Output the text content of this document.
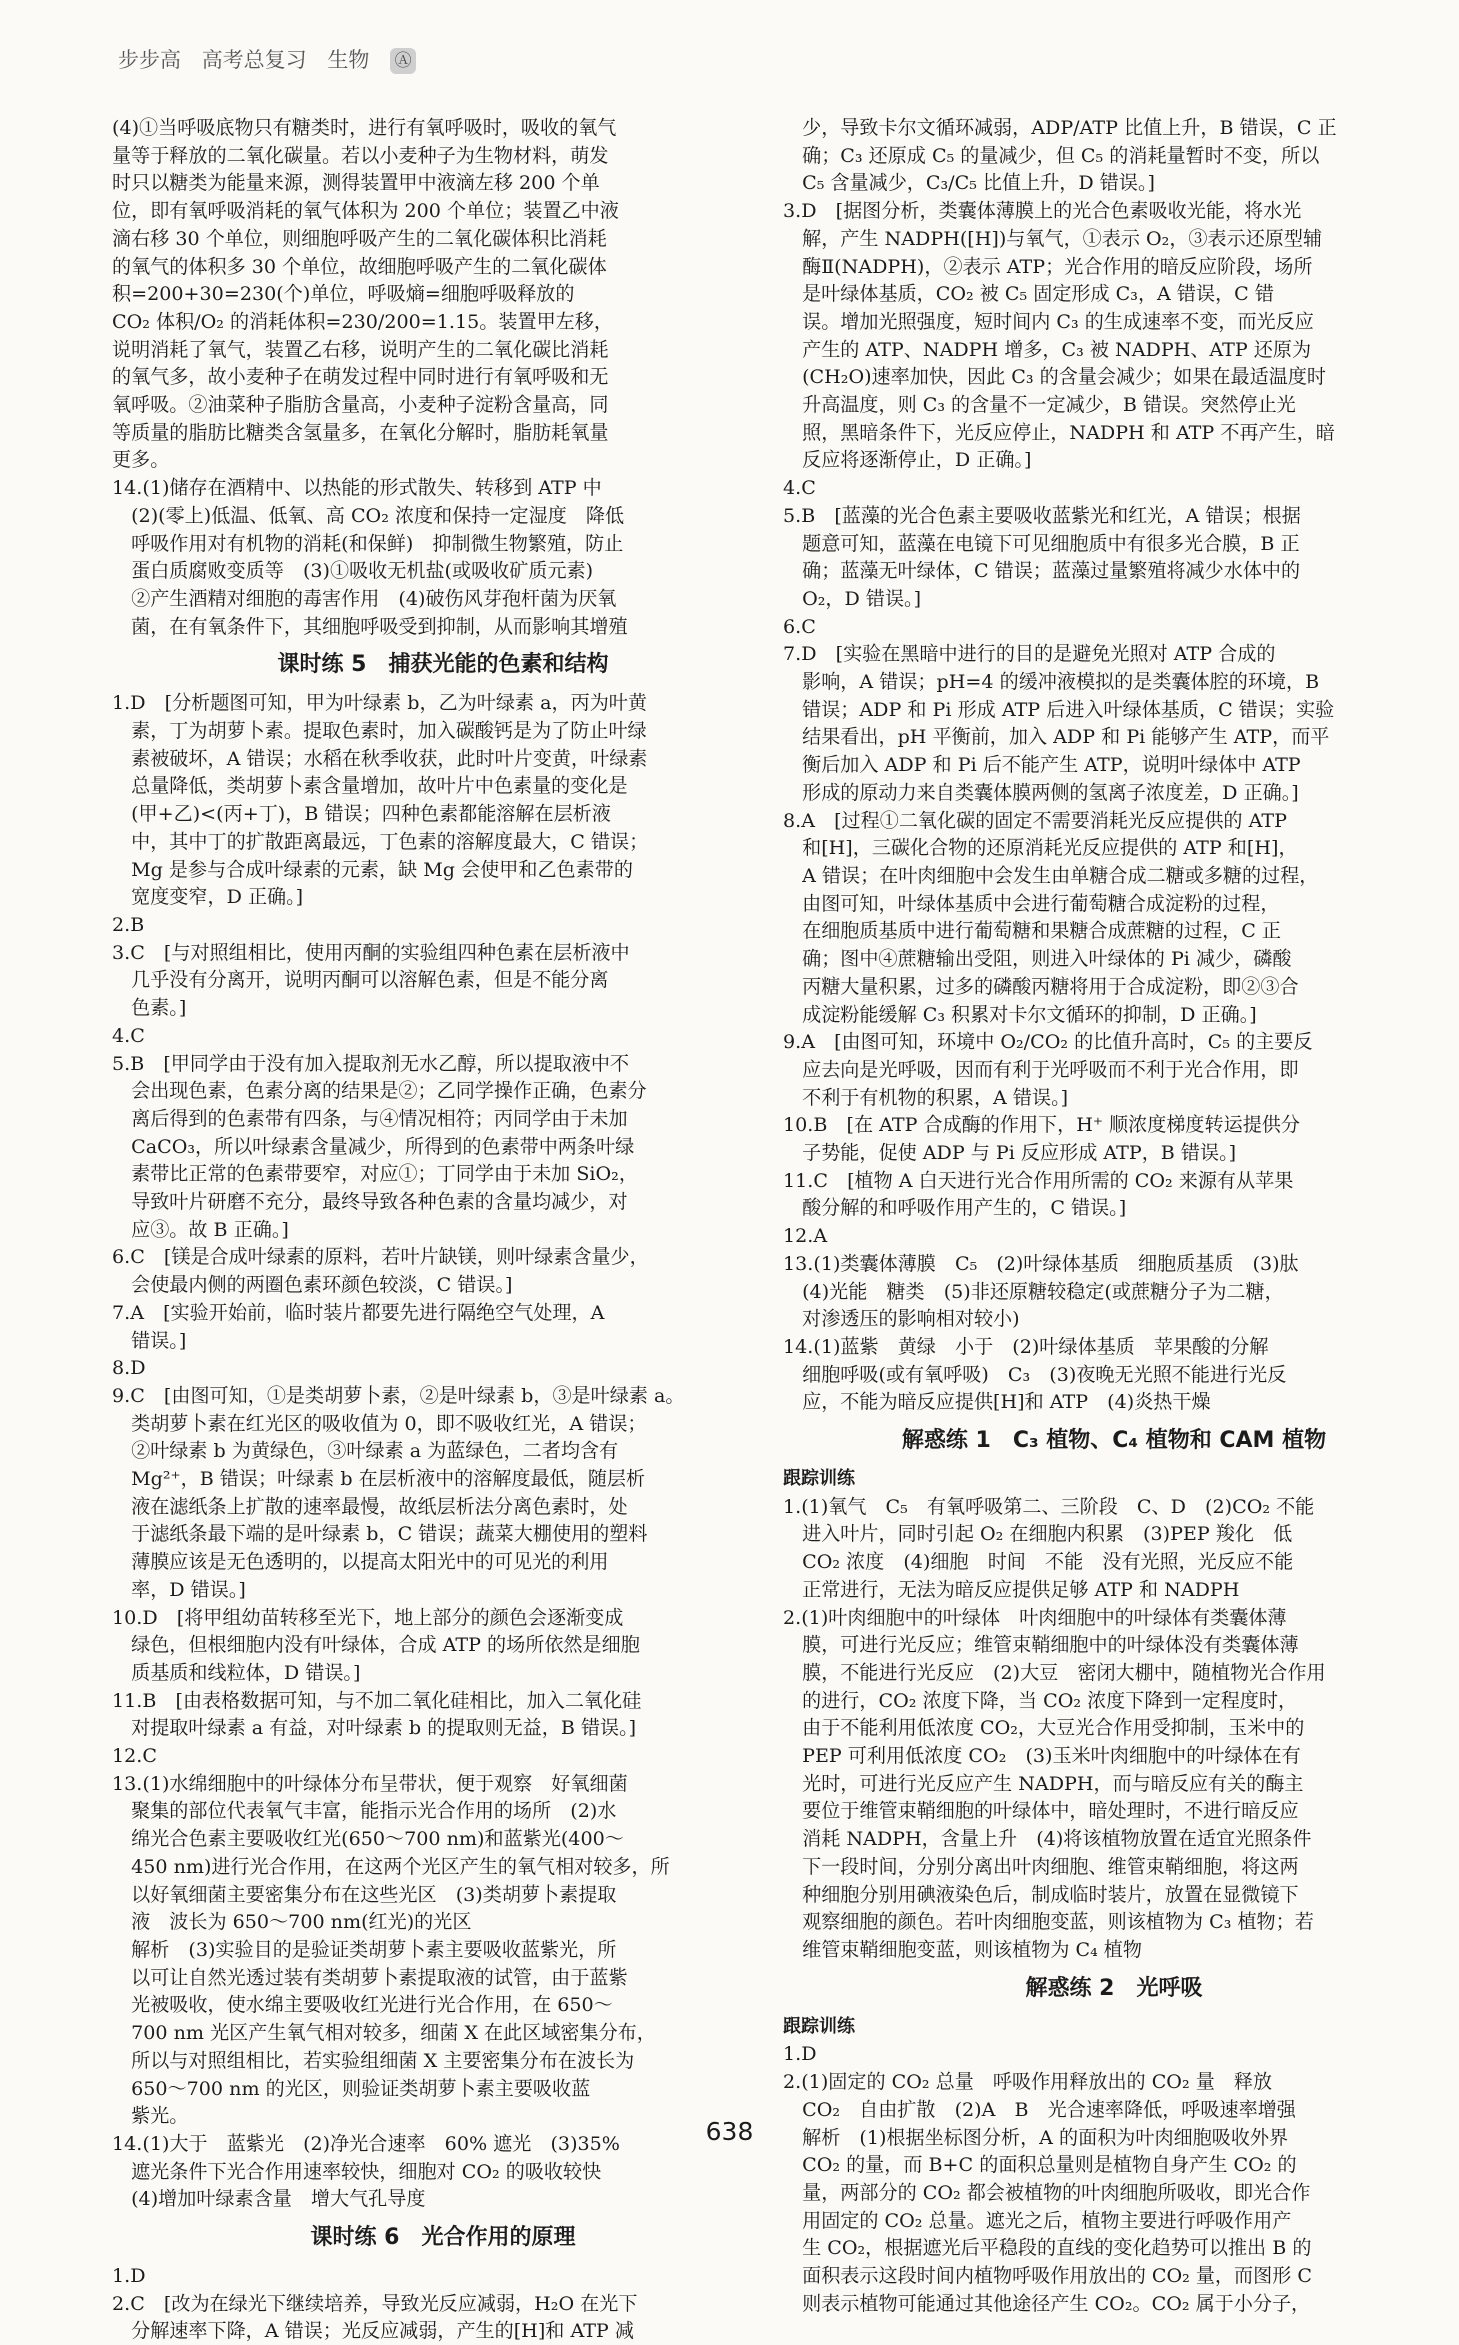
步步高 高考总复习 生物 Ⓐ

(4)①当呼吸底物只有糖类时，进行有氧呼吸时，吸收的氧气

量等于释放的二氧化碳量。若以小麦种子为生物材料，萌发

时只以糖类为能量来源，测得装置甲中液滴左移 200 个单

位，即有氧呼吸消耗的氧气体积为 200 个单位；装置乙中液

滴右移 30 个单位，则细胞呼吸产生的二氧化碳体积比消耗

的氧气的体积多 30 个单位，故细胞呼吸产生的二氧化碳体

积=200+30=230(个)单位，呼吸熵=细胞呼吸释放的

CO₂ 体积/O₂ 的消耗体积=230/200=1.15。装置甲左移，

说明消耗了氧气，装置乙右移，说明产生的二氧化碳比消耗

的氧气多，故小麦种子在萌发过程中同时进行有氧呼吸和无

氧呼吸。②油菜种子脂肪含量高，小麦种子淀粉含量高，同

等质量的脂肪比糖类含氢量多，在氧化分解时，脂肪耗氧量

更多。

14.(1)储存在酒精中、以热能的形式散失、转移到 ATP 中

　(2)(零上)低温、低氧、高 CO₂ 浓度和保持一定湿度　降低

　呼吸作用对有机物的消耗(和保鲜)　抑制微生物繁殖，防止

　蛋白质腐败变质等　(3)①吸收无机盐(或吸收矿质元素)

　②产生酒精对细胞的毒害作用　(4)破伤风芽孢杆菌为厌氧

　菌，在有氧条件下，其细胞呼吸受到抑制，从而影响其增殖

课时练 5　捕获光能的色素和结构

1.D　[分析题图可知，甲为叶绿素 b，乙为叶绿素 a，丙为叶黄

　素，丁为胡萝卜素。提取色素时，加入碳酸钙是为了防止叶绿

　素被破坏，A 错误；水稻在秋季收获，此时叶片变黄，叶绿素

　总量降低，类胡萝卜素含量增加，故叶片中色素量的变化是

　(甲+乙)<(丙+丁)，B 错误；四种色素都能溶解在层析液

　中，其中丁的扩散距离最远，丁色素的溶解度最大，C 错误；

　Mg 是参与合成叶绿素的元素，缺 Mg 会使甲和乙色素带的

　宽度变窄，D 正确。]

2.B

3.C　[与对照组相比，使用丙酮的实验组四种色素在层析液中

　几乎没有分离开，说明丙酮可以溶解色素，但是不能分离

　色素。]

4.C

5.B　[甲同学由于没有加入提取剂无水乙醇，所以提取液中不

　会出现色素，色素分离的结果是②；乙同学操作正确，色素分

　离后得到的色素带有四条，与④情况相符；丙同学由于未加

　CaCO₃，所以叶绿素含量减少，所得到的色素带中两条叶绿

　素带比正常的色素带要窄，对应①；丁同学由于未加 SiO₂，

　导致叶片研磨不充分，最终导致各种色素的含量均减少，对

　应③。故 B 正确。]

6.C　[镁是合成叶绿素的原料，若叶片缺镁，则叶绿素含量少，

　会使最内侧的两圈色素环颜色较淡，C 错误。]

7.A　[实验开始前，临时装片都要先进行隔绝空气处理，A

　错误。]

8.D

9.C　[由图可知，①是类胡萝卜素，②是叶绿素 b，③是叶绿素 a。

　类胡萝卜素在红光区的吸收值为 0，即不吸收红光，A 错误；

　②叶绿素 b 为黄绿色，③叶绿素 a 为蓝绿色，二者均含有

　Mg²⁺，B 错误；叶绿素 b 在层析液中的溶解度最低，随层析

　液在滤纸条上扩散的速率最慢，故纸层析法分离色素时，处

　于滤纸条最下端的是叶绿素 b，C 错误；蔬菜大棚使用的塑料

　薄膜应该是无色透明的，以提高太阳光中的可见光的利用

　率，D 错误。]

10.D　[将甲组幼苗转移至光下，地上部分的颜色会逐渐变成

　绿色，但根细胞内没有叶绿体，合成 ATP 的场所依然是细胞

　质基质和线粒体，D 错误。]

11.B　[由表格数据可知，与不加二氧化硅相比，加入二氧化硅

　对提取叶绿素 a 有益，对叶绿素 b 的提取则无益，B 错误。]

12.C

13.(1)水绵细胞中的叶绿体分布呈带状，便于观察　好氧细菌

　聚集的部位代表氧气丰富，能指示光合作用的场所　(2)水

　绵光合色素主要吸收红光(650～700 nm)和蓝紫光(400～

　450 nm)进行光合作用，在这两个光区产生的氧气相对较多，所

　以好氧细菌主要密集分布在这些光区　(3)类胡萝卜素提取

　液　波长为 650～700 nm(红光)的光区

　解析　(3)实验目的是验证类胡萝卜素主要吸收蓝紫光，所

　以可让自然光透过装有类胡萝卜素提取液的试管，由于蓝紫

　光被吸收，使水绵主要吸收红光进行光合作用，在 650～

　700 nm 光区产生氧气相对较多，细菌 X 在此区域密集分布，

　所以与对照组相比，若实验组细菌 X 主要密集分布在波长为

　650～700 nm 的光区，则验证类胡萝卜素主要吸收蓝

　紫光。

14.(1)大于　蓝紫光　(2)净光合速率　60% 遮光　(3)35%

　遮光条件下光合作用速率较快，细胞对 CO₂ 的吸收较快

　(4)增加叶绿素含量　增大气孔导度

课时练 6　光合作用的原理

1.D

2.C　[改为在绿光下继续培养，导致光反应减弱，H₂O 在光下

　分解速率下降，A 错误；光反应减弱，产生的[H]和 ATP 减

　少，导致卡尔文循环减弱，ADP/ATP 比值上升，B 错误，C 正

　确；C₃ 还原成 C₅ 的量减少，但 C₅ 的消耗量暂时不变，所以

　C₅ 含量减少，C₃/C₅ 比值上升，D 错误。]

3.D　[据图分析，类囊体薄膜上的光合色素吸收光能，将水光

　解，产生 NADPH([H])与氧气，①表示 O₂，③表示还原型辅

　酶Ⅱ(NADPH)，②表示 ATP；光合作用的暗反应阶段，场所

　是叶绿体基质，CO₂ 被 C₅ 固定形成 C₃，A 错误，C 错

　误。增加光照强度，短时间内 C₃ 的生成速率不变，而光反应

　产生的 ATP、NADPH 增多，C₃ 被 NADPH、ATP 还原为

　(CH₂O)速率加快，因此 C₃ 的含量会减少；如果在最适温度时

　升高温度，则 C₃ 的含量不一定减少，B 错误。突然停止光

　照，黑暗条件下，光反应停止，NADPH 和 ATP 不再产生，暗

　反应将逐渐停止，D 正确。]

4.C

5.B　[蓝藻的光合色素主要吸收蓝紫光和红光，A 错误；根据

　题意可知，蓝藻在电镜下可见细胞质中有很多光合膜，B 正

　确；蓝藻无叶绿体，C 错误；蓝藻过量繁殖将减少水体中的

　O₂，D 错误。]

6.C

7.D　[实验在黑暗中进行的目的是避免光照对 ATP 合成的

　影响，A 错误；pH=4 的缓冲液模拟的是类囊体腔的环境，B

　错误；ADP 和 Pi 形成 ATP 后进入叶绿体基质，C 错误；实验

　结果看出，pH 平衡前，加入 ADP 和 Pi 能够产生 ATP，而平

　衡后加入 ADP 和 Pi 后不能产生 ATP，说明叶绿体中 ATP

　形成的原动力来自类囊体膜两侧的氢离子浓度差，D 正确。]

8.A　[过程①二氧化碳的固定不需要消耗光反应提供的 ATP

　和[H]，三碳化合物的还原消耗光反应提供的 ATP 和[H]，

　A 错误；在叶肉细胞中会发生由单糖合成二糖或多糖的过程，

　由图可知，叶绿体基质中会进行葡萄糖合成淀粉的过程，

　在细胞质基质中进行葡萄糖和果糖合成蔗糖的过程，C 正

　确；图中④蔗糖输出受阻，则进入叶绿体的 Pi 减少，磷酸

　丙糖大量积累，过多的磷酸丙糖将用于合成淀粉，即②③合

　成淀粉能缓解 C₃ 积累对卡尔文循环的抑制，D 正确。]

9.A　[由图可知，环境中 O₂/CO₂ 的比值升高时，C₅ 的主要反

　应去向是光呼吸，因而有利于光呼吸而不利于光合作用，即

　不利于有机物的积累，A 错误。]

10.B　[在 ATP 合成酶的作用下，H⁺ 顺浓度梯度转运提供分

　子势能，促使 ADP 与 Pi 反应形成 ATP，B 错误。]

11.C　[植物 A 白天进行光合作用所需的 CO₂ 来源有从苹果

　酸分解的和呼吸作用产生的，C 错误。]

12.A

13.(1)类囊体薄膜　C₅　(2)叶绿体基质　细胞质基质　(3)肽

　(4)光能　糖类　(5)非还原糖较稳定(或蔗糖分子为二糖，

　对渗透压的影响相对较小)

14.(1)蓝紫　黄绿　小于　(2)叶绿体基质　苹果酸的分解

　细胞呼吸(或有氧呼吸)　C₃　(3)夜晚无光照不能进行光反

　应，不能为暗反应提供[H]和 ATP　(4)炎热干燥

解惑练 1　C₃ 植物、C₄ 植物和 CAM 植物

跟踪训练

1.(1)氧气　C₅　有氧呼吸第二、三阶段　C、D　(2)CO₂ 不能

　进入叶片，同时引起 O₂ 在细胞内积累　(3)PEP 羧化　低

　CO₂ 浓度　(4)细胞　时间　不能　没有光照，光反应不能

　正常进行，无法为暗反应提供足够 ATP 和 NADPH

2.(1)叶肉细胞中的叶绿体　叶肉细胞中的叶绿体有类囊体薄

　膜，可进行光反应；维管束鞘细胞中的叶绿体没有类囊体薄

　膜，不能进行光反应　(2)大豆　密闭大棚中，随植物光合作用

　的进行，CO₂ 浓度下降，当 CO₂ 浓度下降到一定程度时，

　由于不能利用低浓度 CO₂，大豆光合作用受抑制，玉米中的

　PEP 可利用低浓度 CO₂　(3)玉米叶肉细胞中的叶绿体在有

　光时，可进行光反应产生 NADPH，而与暗反应有关的酶主

　要位于维管束鞘细胞的叶绿体中，暗处理时，不进行暗反应

　消耗 NADPH，含量上升　(4)将该植物放置在适宜光照条件

　下一段时间，分别分离出叶肉细胞、维管束鞘细胞，将这两

　种细胞分别用碘液染色后，制成临时装片，放置在显微镜下

　观察细胞的颜色。若叶肉细胞变蓝，则该植物为 C₃ 植物；若

　维管束鞘细胞变蓝，则该植物为 C₄ 植物

解惑练 2　光呼吸

跟踪训练

1.D

2.(1)固定的 CO₂ 总量　呼吸作用释放出的 CO₂ 量　释放

　CO₂　自由扩散　(2)A　B　光合速率降低，呼吸速率增强

　解析　(1)根据坐标图分析，A 的面积为叶肉细胞吸收外界

　CO₂ 的量，而 B+C 的面积总量则是植物自身产生 CO₂ 的

　量，两部分的 CO₂ 都会被植物的叶肉细胞所吸收，即光合作

　用固定的 CO₂ 总量。遮光之后，植物主要进行呼吸作用产

　生 CO₂，根据遮光后平稳段的直线的变化趋势可以推出 B 的

　面积表示这段时间内植物呼吸作用放出的 CO₂ 量，而图形 C

　则表示植物可能通过其他途径产生 CO₂。CO₂ 属于小分子，

638
